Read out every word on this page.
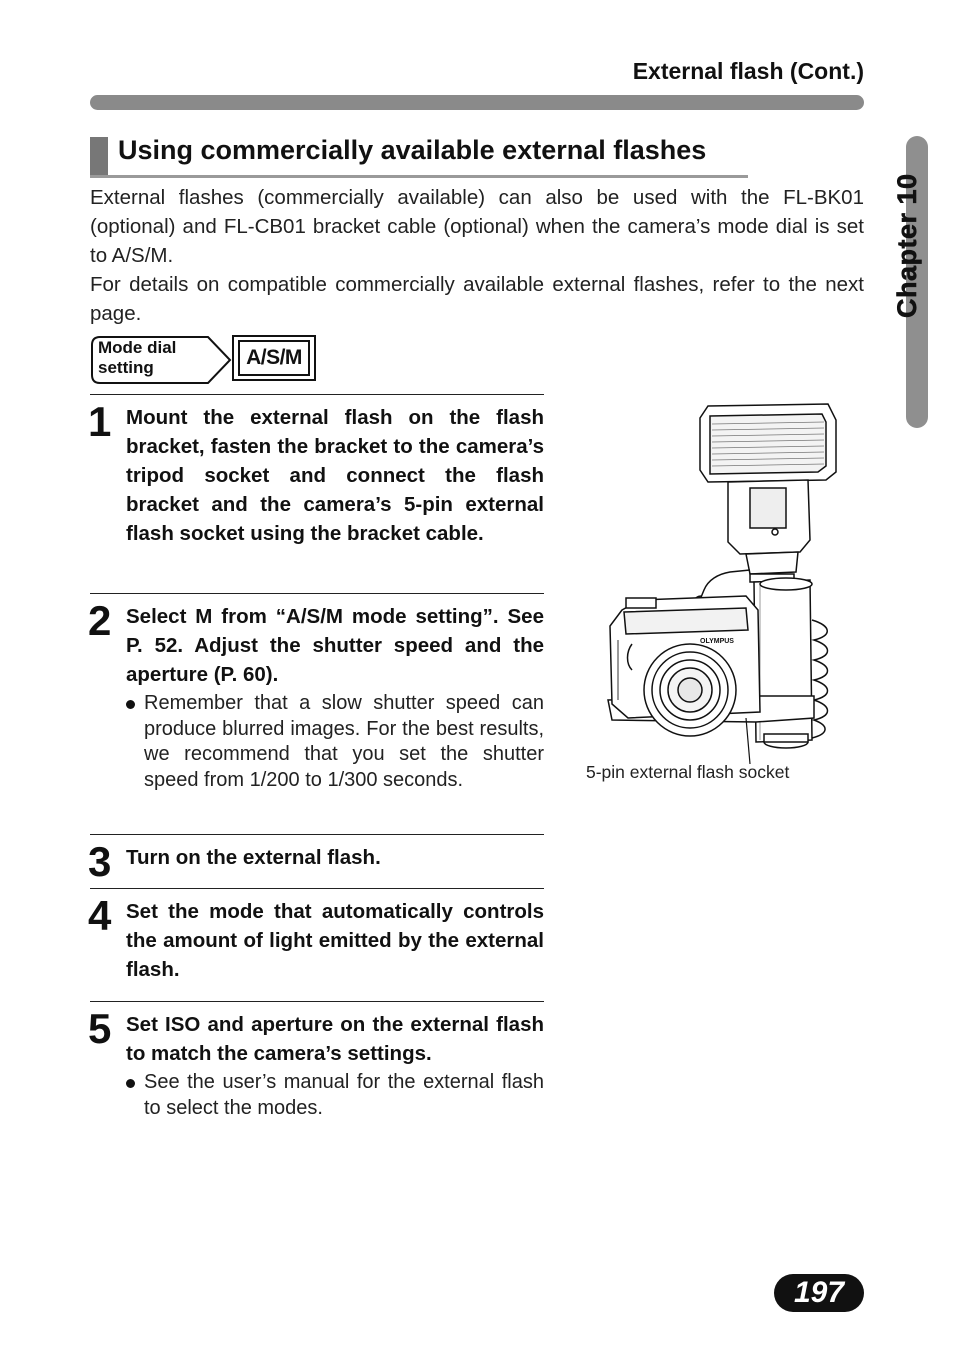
External flash (Cont.)
Using commercially available external flashes

External flashes (commercially available) can also be used with the FL-BK01 (optional) and FL-CB01 bracket cable (optional) when the camera’s mode dial is set to A/S/M.

For details on compatible commercially available external flashes, refer to the next page.

Mode dial setting	A/S/M
1 Mount the external flash on the flash bracket, fasten the bracket to the camera’s tripod socket and connect the flash bracket and the camera’s 5-pin external flash socket using the bracket cable.

2 Select M from “A/S/M mode setting”. See P. 52. Adjust the shutter speed and the aperture (P. 60).

Remember that a slow shutter speed can produce blurred images. For the best results, we recommend that you set the shutter speed from 1/200 to 1/300 seconds.
3 Turn on the external flash.

4 Set the mode that automatically controls the amount of light emitted by the external flash.

5 Set ISO and aperture on the external flash to match the camera’s settings.

See the user’s manual for the external flash to select the modes.
OLYMPUS
5-pin external flash socket
Chapter 10
197
